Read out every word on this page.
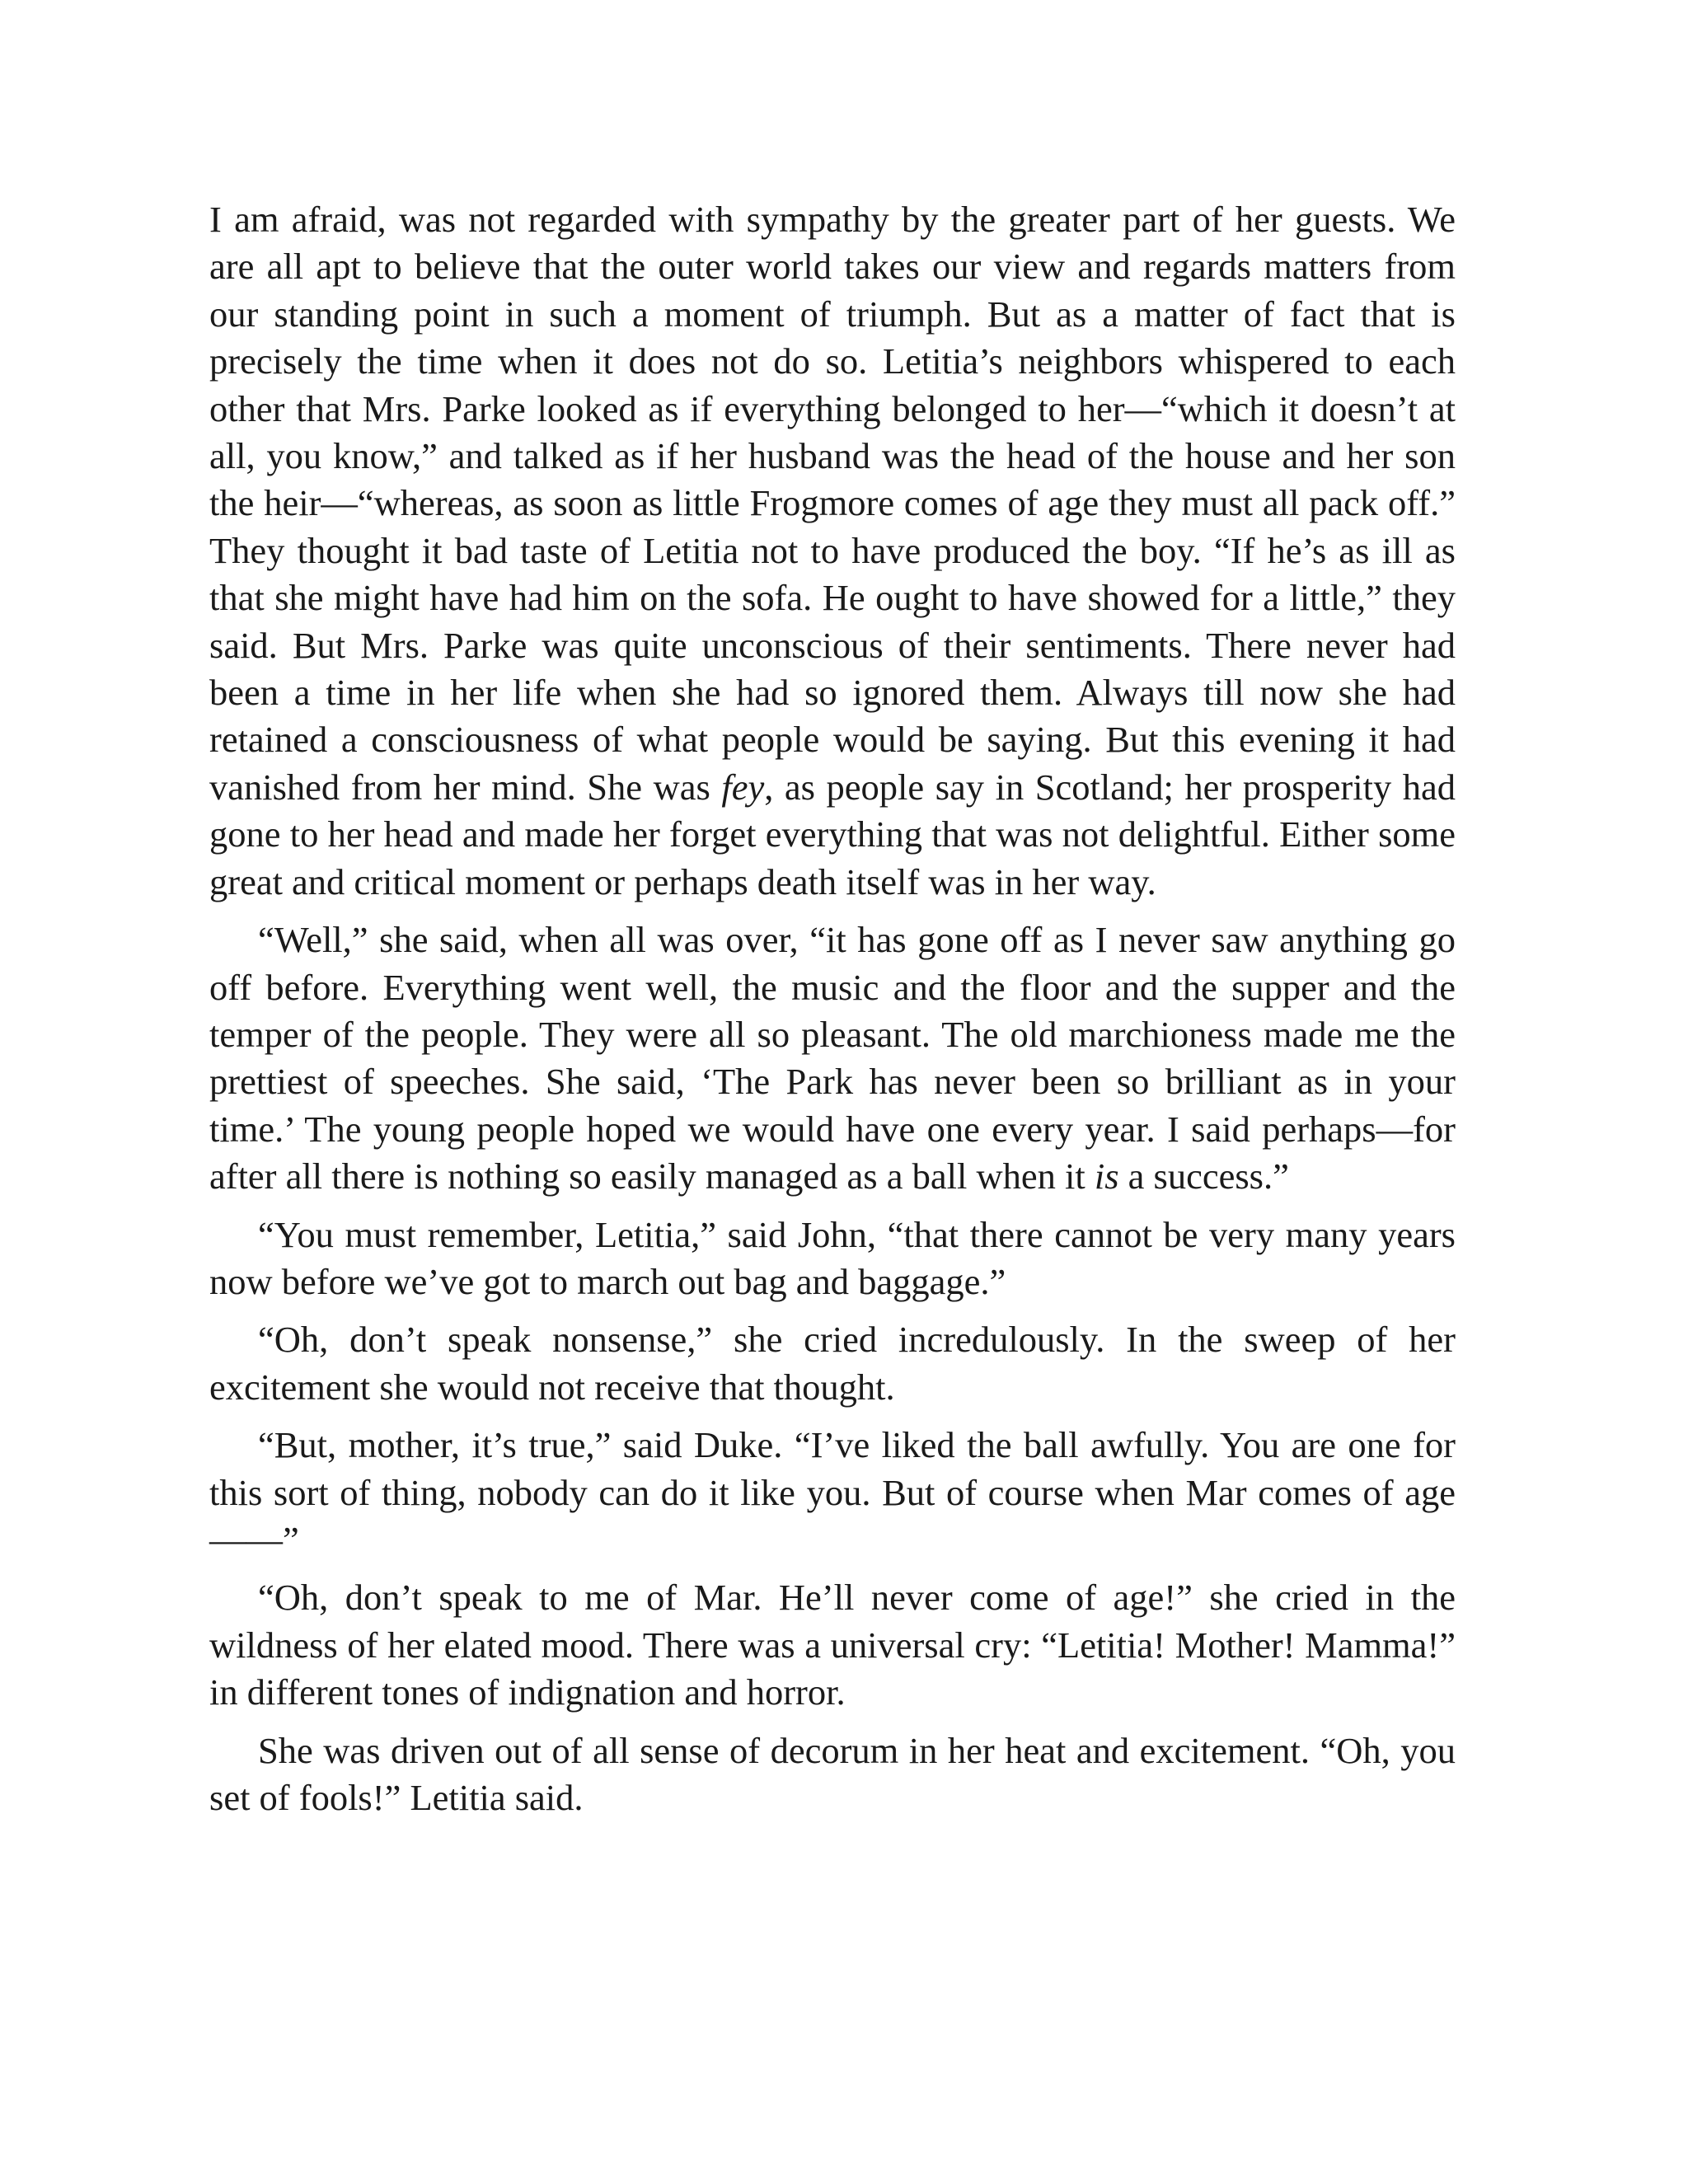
I am afraid, was not regarded with sympathy by the greater part of her guests. We are all apt to believe that the outer world takes our view and regards matters from our standing point in such a moment of triumph. But as a matter of fact that is precisely the time when it does not do so. Letitia’s neighbors whispered to each other that Mrs. Parke looked as if everything belonged to her—“which it doesn’t at all, you know,” and talked as if her husband was the head of the house and her son the heir—“whereas, as soon as little Frogmore comes of age they must all pack off.” They thought it bad taste of Letitia not to have produced the boy. “If he’s as ill as that she might have had him on the sofa. He ought to have showed for a little,” they said. But Mrs. Parke was quite unconscious of their sentiments. There never had been a time in her life when she had so ignored them. Always till now she had retained a consciousness of what people would be saying. But this evening it had vanished from her mind. She was fey, as people say in Scotland; her prosperity had gone to her head and made her forget everything that was not delightful. Either some great and critical moment or perhaps death itself was in her way.

“Well,” she said, when all was over, “it has gone off as I never saw anything go off before. Everything went well, the music and the floor and the supper and the temper of the people. They were all so pleasant. The old marchioness made me the prettiest of speeches. She said, ‘The Park has never been so brilliant as in your time.’ The young people hoped we would have one every year. I said perhaps—for after all there is nothing so easily managed as a ball when it is a success.”

“You must remember, Letitia,” said John, “that there cannot be very many years now before we’ve got to march out bag and baggage.”

“Oh, don’t speak nonsense,” she cried incredulously. In the sweep of her excitement she would not receive that thought.

“But, mother, it’s true,” said Duke. “I’ve liked the ball awfully. You are one for this sort of thing, nobody can do it like you. But of course when Mar comes of age——”

“Oh, don’t speak to me of Mar. He’ll never come of age!” she cried in the wildness of her elated mood. There was a universal cry: “Letitia! Mother! Mamma!” in different tones of indignation and horror.

She was driven out of all sense of decorum in her heat and excitement. “Oh, you set of fools!” Letitia said.
